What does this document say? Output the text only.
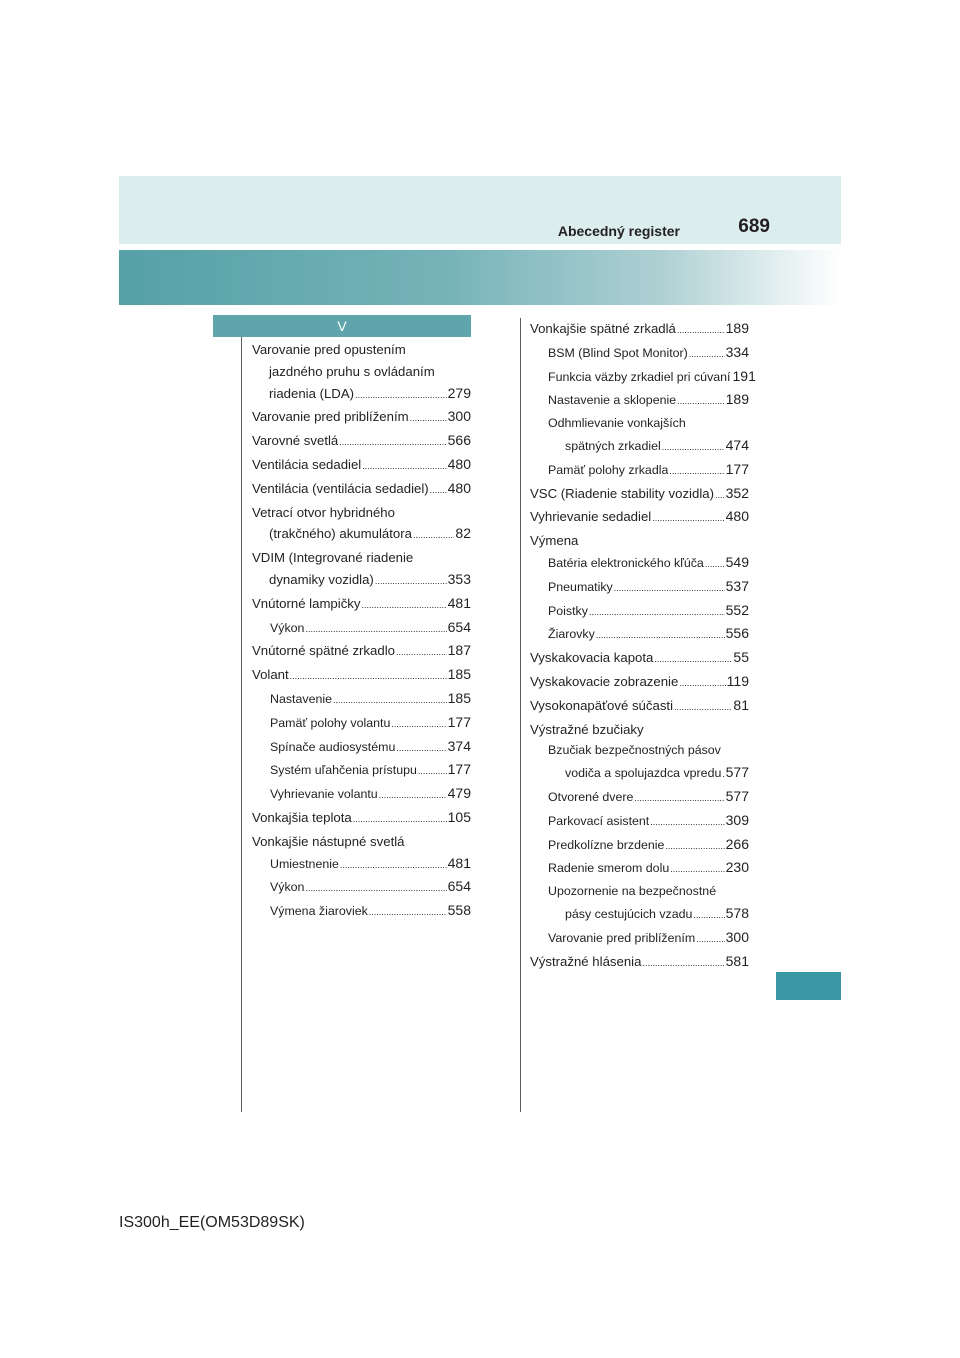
Abecedný register	689
V
Varovanie pred opustením
jazdného pruhu s ovládaním
riadenia (LDA) .....	279
Varovanie pred priblížením .....	300
Varovné svetlá .....	566
Ventilácia sedadiel .....	480
Ventilácia (ventilácia sedadiel) ..... 480
Vetrací otvor hybridného
(trakčného) akumulátora .....	82
VDIM (Integrované riadenie
dynamiky vozidla) .....	353
Vnútorné lampičky .....	481
Výkon .....	654
Vnútorné spätné zrkadlo .....	187
Volant .....	185
Nastavenie .....	185
Pamäť polohy volantu .....	177
Spínače audiosystému .....	374
Systém uľahčenia prístupu ..... 177
Vyhrievanie volantu .....	479
Vonkajšia teplota .....	105
Vonkajšie nástupné svetlá
Umiestnenie .....	481
Výkon .....	654
Výmena žiaroviek .....	558
Vonkajšie spätné zrkadlá .....	189
BSM (Blind Spot Monitor) .....	334
Funkcia väzby zrkadiel pri cúvaní 191
Nastavenie a sklopenie .....	189
Odhmlievanie vonkajších
spätných zrkadiel .....	474
Pamäť polohy zrkadla .....	177
VSC (Riadenie stability vozidla) ..... 352
Vyhrievanie sedadiel .....	480
Výmena
Batéria elektronického kľúča ..... 549
Pneumatiky .....	537
Poistky .....	552
Žiarovky .....	556
Vyskakovacia kapota .....	55
Vyskakovacie zobrazenie .....	119
Vysokonapäťové súčasti .....	81
Výstražné bzučiaky
Bzučiak bezpečnostných pásov
vodiča a spolujazdca vpredu ..... 577
Otvorené dvere .....	577
Parkovací asistent .....	309
Predkolízne brzdenie .....	266
Radenie smerom dolu .....	230
Upozornenie na bezpečnostné
pásy cestujúcich vzadu ..... 578
Varovanie pred priblížením ..... 300
Výstražné hlásenia .....	581
IS300h_EE(OM53D89SK)
